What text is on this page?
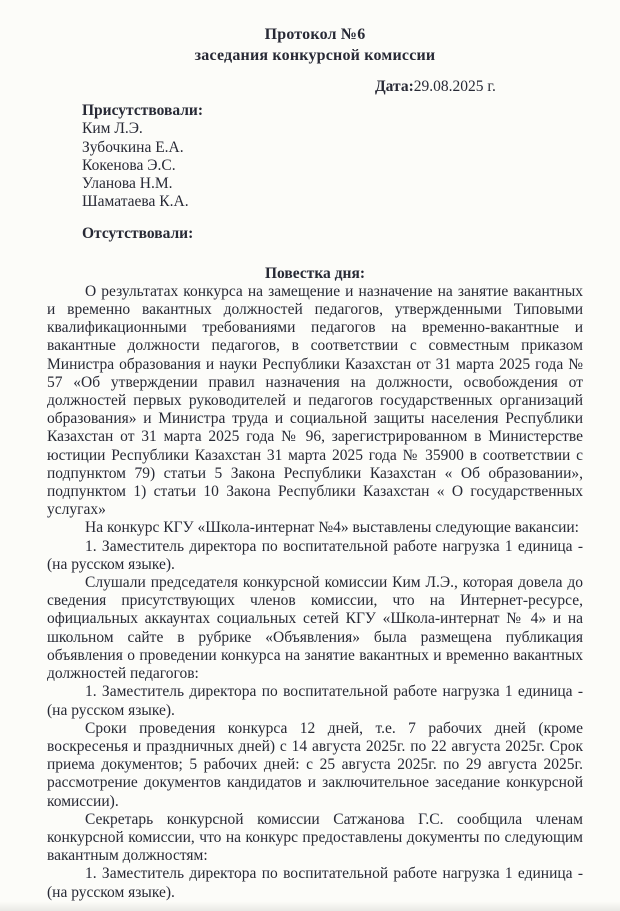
Протокол №6
заседания конкурсной комиссии
Дата:29.08.2025 г.
Присутствовали:
Ким Л.Э.
Зубочкина Е.А.
Кокенова Э.С.
Уланова Н.М.
Шаматаева К.А.
Отсутствовали:
Повестка дня:

О результатах конкурса на замещение и назначение на занятие вакантных и временно вакантных должностей педагогов, утвержденными Типовыми квалификационными требованиями педагогов на временно-вакантные и вакантные должности педагогов, в соответствии с совместным приказом Министра образования и науки Республики Казахстан от 31 марта 2025 года № 57 «Об утверждении правил назначения на должности, освобождения от должностей первых руководителей и педагогов государственных организаций образования» и Министра труда и социальной защиты населения Республики Казахстан от 31 марта 2025 года № 96, зарегистрированном в Министерстве юстиции Республики Казахстан 31 марта 2025 года № 35900 в соответствии с подпунктом 79) статьи 5 Закона Республики Казахстан « Об образовании», подпунктом 1) статьи 10 Закона Республики Казахстан « О государственных услугах»

На конкурс КГУ «Школа-интернат №4» выставлены следующие вакансии:

1. Заместитель директора по воспитательной работе нагрузка 1 единица - (на русском языке).

Слушали председателя конкурсной комиссии Ким Л.Э., которая довела до сведения присутствующих членов комиссии, что на Интернет-ресурсе, официальных аккаунтах социальных сетей КГУ «Школа-интернат № 4» и на школьном сайте в рубрике «Объявления» была размещена публикация объявления о проведении конкурса на занятие вакантных и временно вакантных должностей педагогов:

1. Заместитель директора по воспитательной работе нагрузка 1 единица - (на русском языке).

Сроки проведения конкурса 12 дней, т.е. 7 рабочих дней (кроме воскресенья и праздничных дней) с 14 августа 2025г. по 22 августа 2025г. Срок приема документов; 5 рабочих дней: с 25 августа 2025г. по 29 августа 2025г. рассмотрение документов кандидатов и заключительное заседание конкурсной комиссии).

Секретарь конкурсной комиссии Сатжанова Г.С. сообщила членам конкурсной комиссии, что на конкурс предоставлены документы по следующим вакантным должностям:

1. Заместитель директора по воспитательной работе нагрузка 1 единица - (на русском языке).
